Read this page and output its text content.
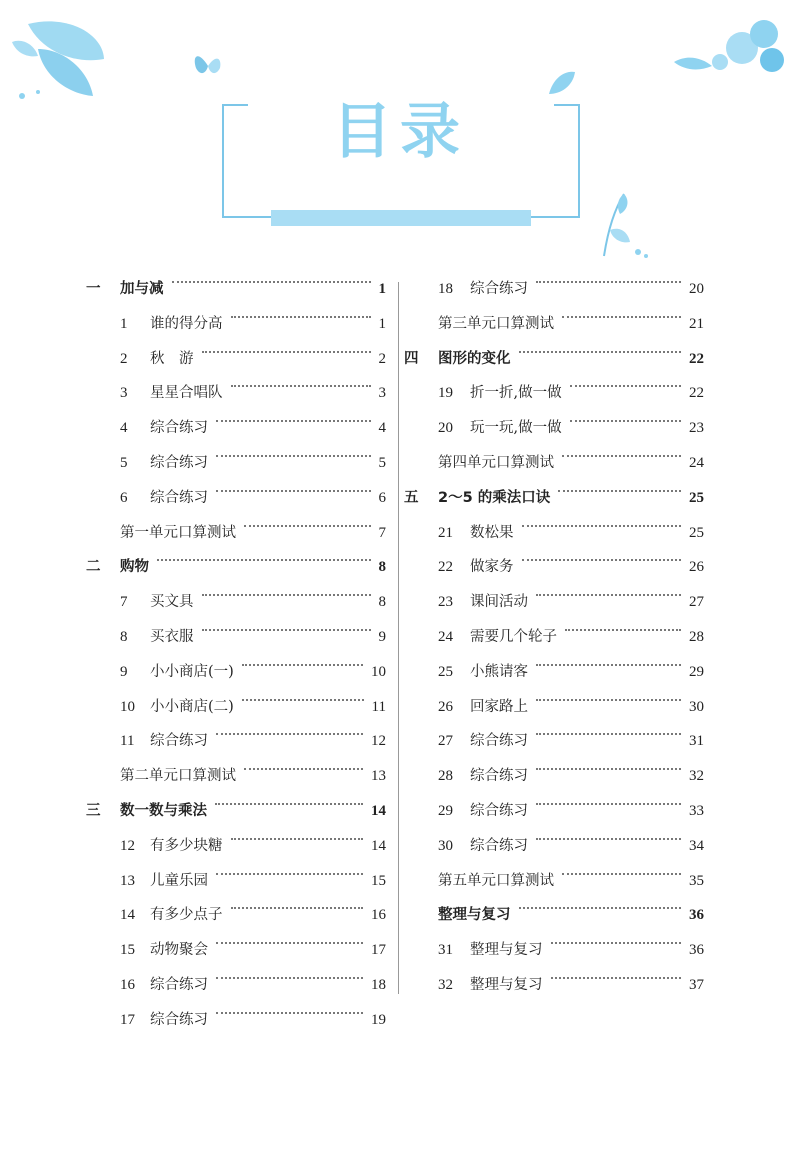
目录
一	加与减	1
1	谁的得分高	1
2	秋　游	2
3	星星合唱队	3
4	综合练习	4
5	综合练习	5
6	综合练习	6
第一单元口算测试	7
二	购物	8
7	买文具	8
8	买衣服	9
9	小小商店(一)	10
10	小小商店(二)	11
11	综合练习	12
第二单元口算测试	13
三	数一数与乘法	14
12	有多少块糖	14
13	儿童乐园	15
14	有多少点子	16
15	动物聚会	17
16	综合练习	18
17	综合练习	19
18	综合练习	20
第三单元口算测试	21
四	图形的变化	22
19	折一折,做一做	22
20	玩一玩,做一做	23
第四单元口算测试	24
五	2～5 的乘法口诀	25
21	数松果	25
22	做家务	26
23	课间活动	27
24	需要几个轮子	28
25	小熊请客	29
26	回家路上	30
27	综合练习	31
28	综合练习	32
29	综合练习	33
30	综合练习	34
第五单元口算测试	35
整理与复习	36
31	整理与复习	36
32	整理与复习	37
